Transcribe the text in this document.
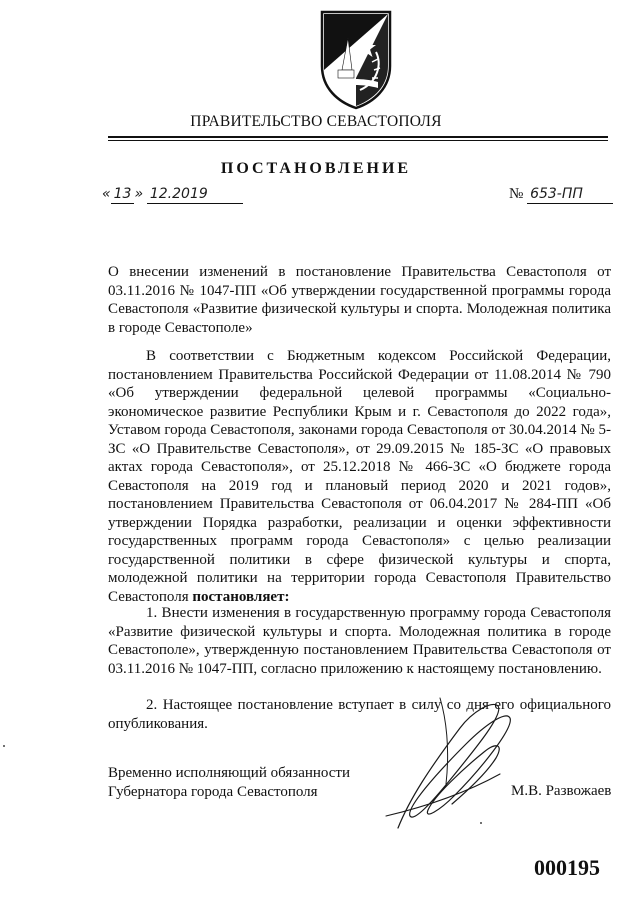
ПРАВИТЕЛЬСТВО СЕВАСТОПОЛЯ
ПОСТАНОВЛЕНИЕ
« 13 » 12.2019	№ 653-ПП
О внесении изменений в постановление Правительства Севастополя от 03.11.2016 № 1047-ПП «Об утверждении государственной программы города Севастополя «Развитие физической культуры и спорта. Молодежная политика в городе Севастополе»
В соответствии с Бюджетным кодексом Российской Федерации, постановлением Правительства Российской Федерации от 11.08.2014 № 790 «Об утверждении федеральной целевой программы «Социально-экономическое развитие Республики Крым и г. Севастополя до 2022 года», Уставом города Севастополя, законами города Севастополя от 30.04.2014 № 5-ЗС «О Правительстве Севастополя», от 29.09.2015 № 185-ЗС «О правовых актах города Севастополя», от 25.12.2018 № 466-ЗС «О бюджете города Севастополя на 2019 год и плановый период 2020 и 2021 годов», постановлением Правительства Севастополя от 06.04.2017 № 284-ПП «Об утверждении Порядка разработки, реализации и оценки эффективности государственных программ города Севастополя» с целью реализации государственной политики в сфере физической культуры и спорта, молодежной политики на территории города Севастополя Правительство Севастополя постановляет:
1. Внести изменения в государственную программу города Севастополя «Развитие физической культуры и спорта. Молодежная политика в городе Севастополе», утвержденную постановлением Правительства Севастополя от 03.11.2016 № 1047-ПП, согласно приложению к настоящему постановлению.
2. Настоящее постановление вступает в силу со дня его официального опубликования.
Временно исполняющий обязанности
Губернатора города Севастополя	М.В. Развожаев
000195
